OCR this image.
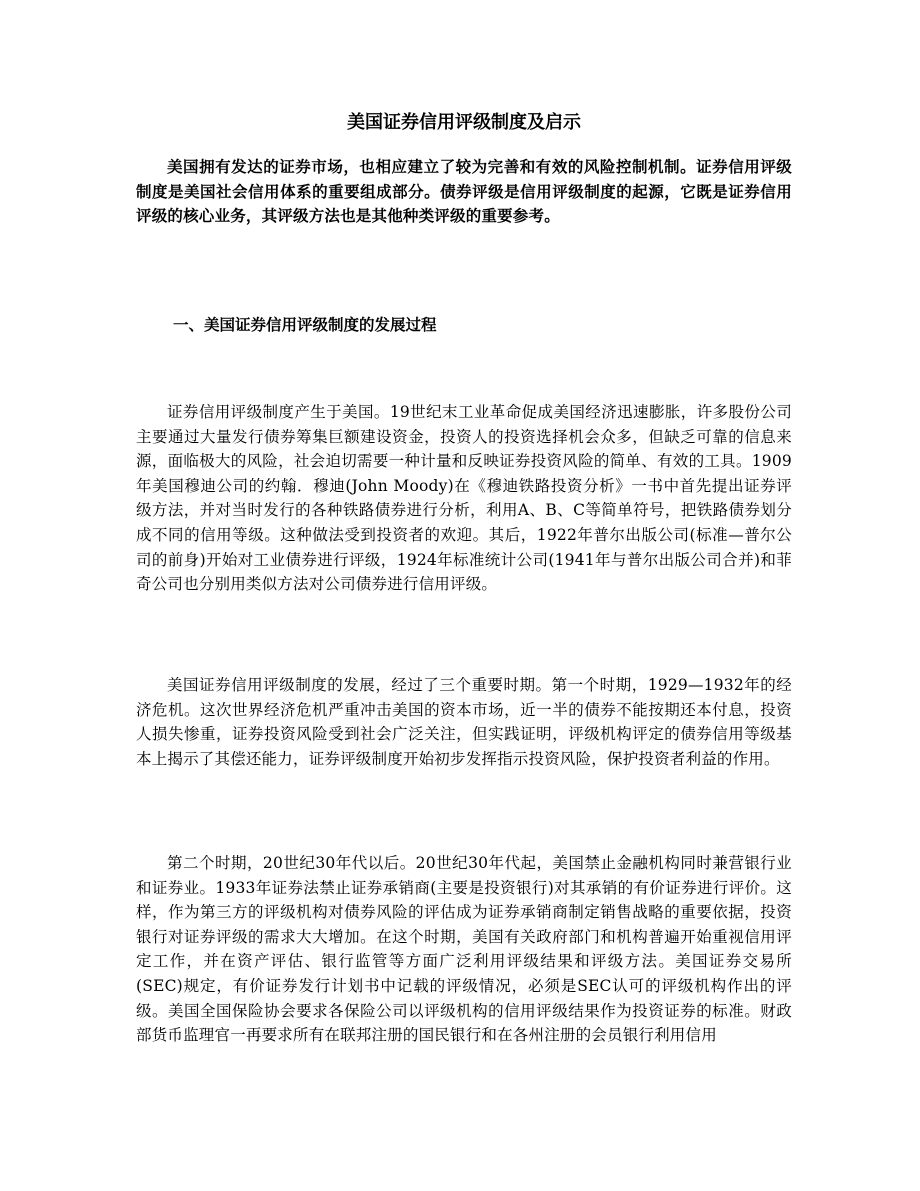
美国证券信用评级制度及启示

美国拥有发达的证券市场，也相应建立了较为完善和有效的风险控制机制。证券信用评级制度是美国社会信用体系的重要组成部分。债券评级是信用评级制度的起源，它既是证券信用评级的核心业务，其评级方法也是其他种类评级的重要参考。

一、美国证券信用评级制度的发展过程

证券信用评级制度产生于美国。19世纪末工业革命促成美国经济迅速膨胀，许多股份公司主要通过大量发行债券筹集巨额建设资金，投资人的投资选择机会众多，但缺乏可靠的信息来源，面临极大的风险，社会迫切需要一种计量和反映证券投资风险的简单、有效的工具。1909年美国穆迪公司的约翰．穆迪(John Moody)在《穆迪铁路投资分析》一书中首先提出证券评级方法，并对当时发行的各种铁路债券进行分析，利用A、B、C等简单符号，把铁路债券划分成不同的信用等级。这种做法受到投资者的欢迎。其后，1922年普尔出版公司(标准—普尔公司的前身)开始对工业债券进行评级，1924年标准统计公司(1941年与普尔出版公司合并)和菲奇公司也分别用类似方法对公司债券进行信用评级。

美国证券信用评级制度的发展，经过了三个重要时期。第一个时期，1929—1932年的经济危机。这次世界经济危机严重冲击美国的资本市场，近一半的债券不能按期还本付息，投资人损失惨重，证券投资风险受到社会广泛关注，但实践证明，评级机构评定的债券信用等级基本上揭示了其偿还能力，证券评级制度开始初步发挥指示投资风险，保护投资者利益的作用。

第二个时期，20世纪30年代以后。20世纪30年代起，美国禁止金融机构同时兼营银行业和证券业。1933年证券法禁止证券承销商(主要是投资银行)对其承销的有价证券进行评价。这样，作为第三方的评级机构对债券风险的评估成为证券承销商制定销售战略的重要依据，投资银行对证券评级的需求大大增加。在这个时期，美国有关政府部门和机构普遍开始重视信用评定工作，并在资产评估、银行监管等方面广泛利用评级结果和评级方法。美国证券交易所(SEC)规定，有价证券发行计划书中记载的评级情况，必须是SEC认可的评级机构作出的评级。美国全国保险协会要求各保险公司以评级机构的信用评级结果作为投资证券的标准。财政部货币监理官一再要求所有在联邦注册的国民银行和在各州注册的会员银行利用信用
